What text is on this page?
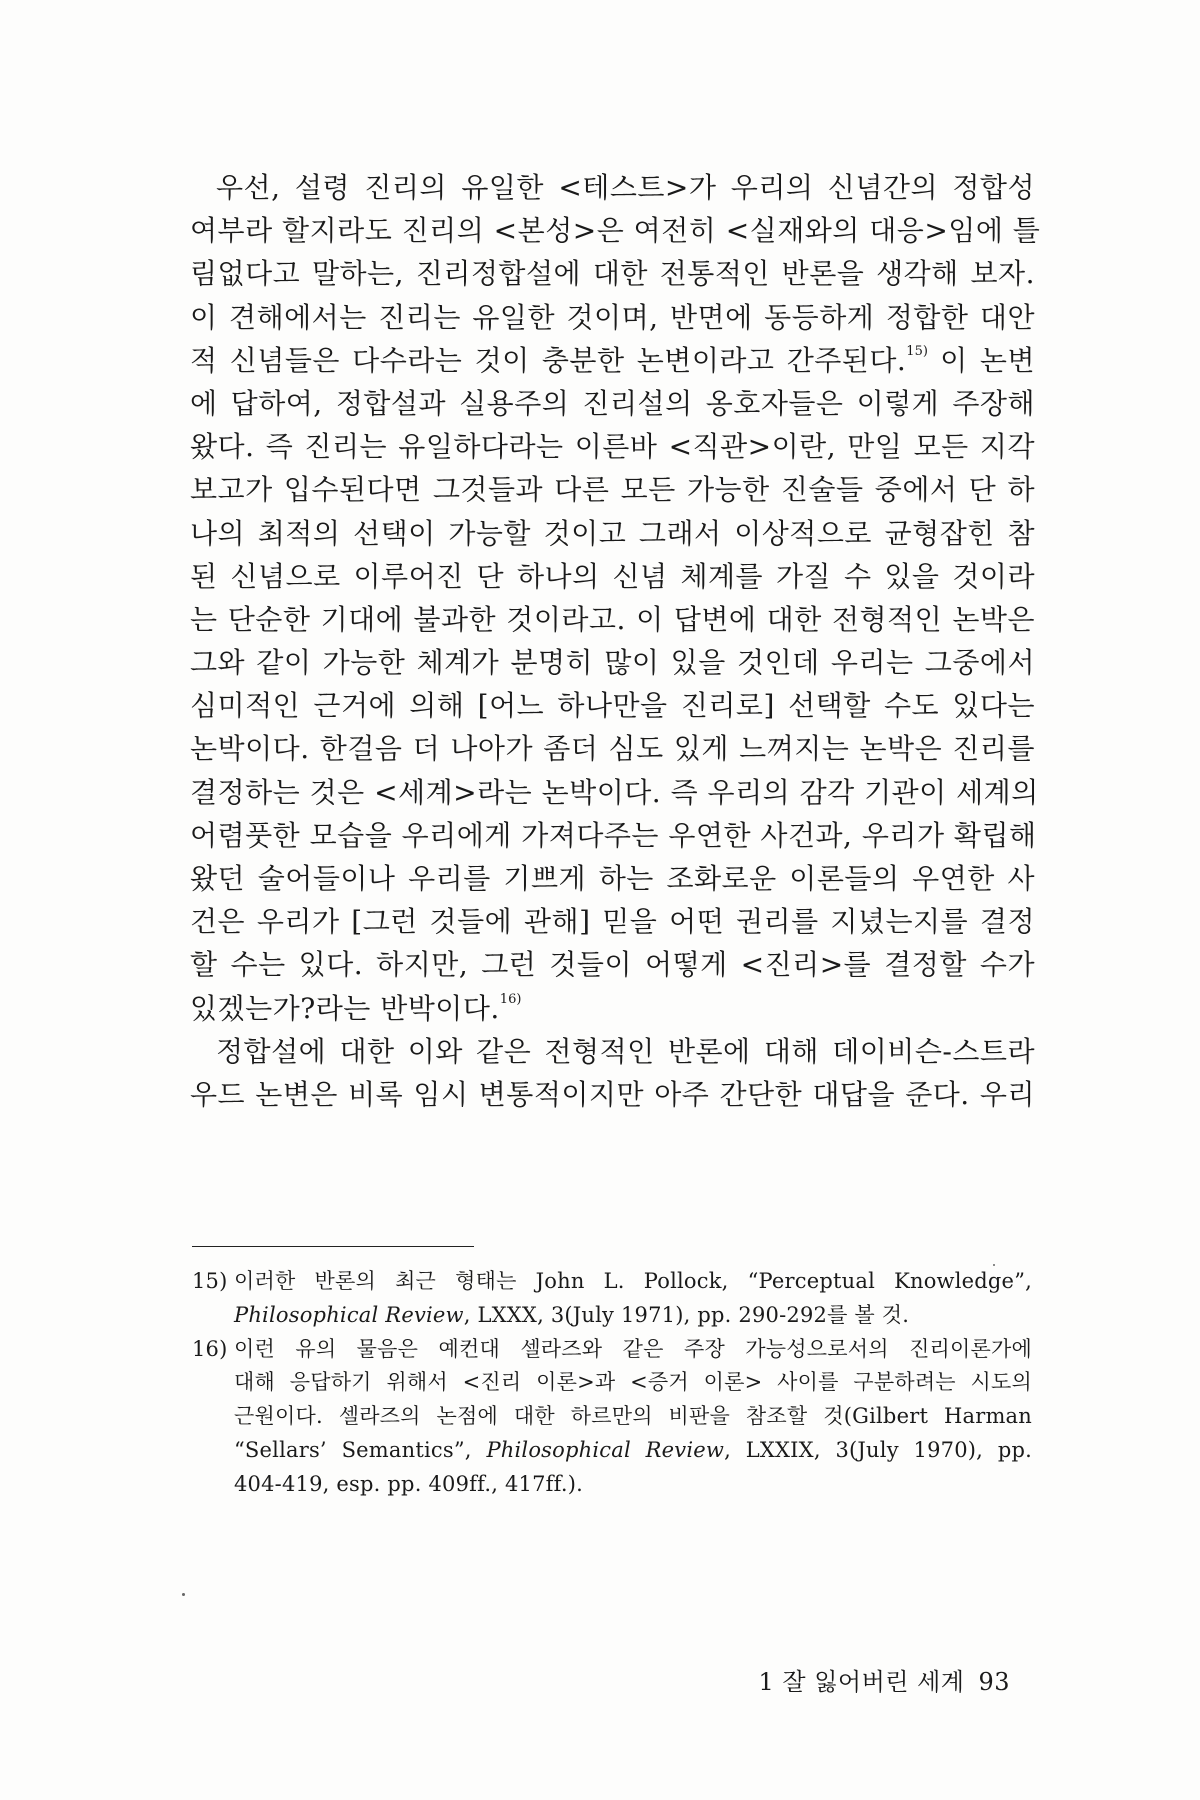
우선, 설령 진리의 유일한 <테스트>가 우리의 신념간의 정합성
여부라 할지라도 진리의 <본성>은 여전히 <실재와의 대응>임에 틀
림없다고 말하는, 진리정합설에 대한 전통적인 반론을 생각해 보자.
이 견해에서는 진리는 유일한 것이며, 반면에 동등하게 정합한 대안
적 신념들은 다수라는 것이 충분한 논변이라고 간주된다.$^{15)}$ 이 논변
에 답하여, 정합설과 실용주의 진리설의 옹호자들은 이렇게 주장해
왔다. 즉 진리는 유일하다라는 이른바 <직관>이란, 만일 모든 지각
보고가 입수된다면 그것들과 다른 모든 가능한 진술들 중에서 단 하
나의 최적의 선택이 가능할 것이고 그래서 이상적으로 균형잡힌 참
된 신념으로 이루어진 단 하나의 신념 체계를 가질 수 있을 것이라
는 단순한 기대에 불과한 것이라고. 이 답변에 대한 전형적인 논박은
그와 같이 가능한 체계가 분명히 많이 있을 것인데 우리는 그중에서
심미적인 근거에 의해 [어느 하나만을 진리로] 선택할 수도 있다는
논박이다. 한걸음 더 나아가 좀더 심도 있게 느껴지는 논박은 진리를
결정하는 것은 <세계>라는 논박이다. 즉 우리의 감각 기관이 세계의
어렴풋한 모습을 우리에게 가져다주는 우연한 사건과, 우리가 확립해
왔던 술어들이나 우리를 기쁘게 하는 조화로운 이론들의 우연한 사
건은 우리가 [그런 것들에 관해] 믿을 어떤 권리를 지녔는지를 결정
할 수는 있다. 하지만, 그런 것들이 어떻게 <진리>를 결정할 수가
있겠는가?라는 반박이다.$^{16)}$
정합설에 대한 이와 같은 전형적인 반론에 대해 데이비슨-스트라
우드 논변은 비록 임시 변통적이지만 아주 간단한 대답을 준다. 우리
15) 이러한 반론의 최근 형태는 John L. Pollock, “Perceptual Knowledge”,
Philosophical Review, LXXX, 3(July 1971), pp. 290-292를 볼 것.
16) 이런 유의 물음은 예컨대 셀라즈와 같은 주장 가능성으로서의 진리이론가에
대해 응답하기 위해서 <진리 이론>과 <증거 이론> 사이를 구분하려는 시도의
근원이다. 셀라즈의 논점에 대한 하르만의 비판을 참조할 것(Gilbert Harman
“Sellars’ Semantics”, Philosophical Review, LXXIX, 3(July 1970), pp.
404-419, esp. pp. 409ff., 417ff.).
1 잘 잃어버린 세계 93
